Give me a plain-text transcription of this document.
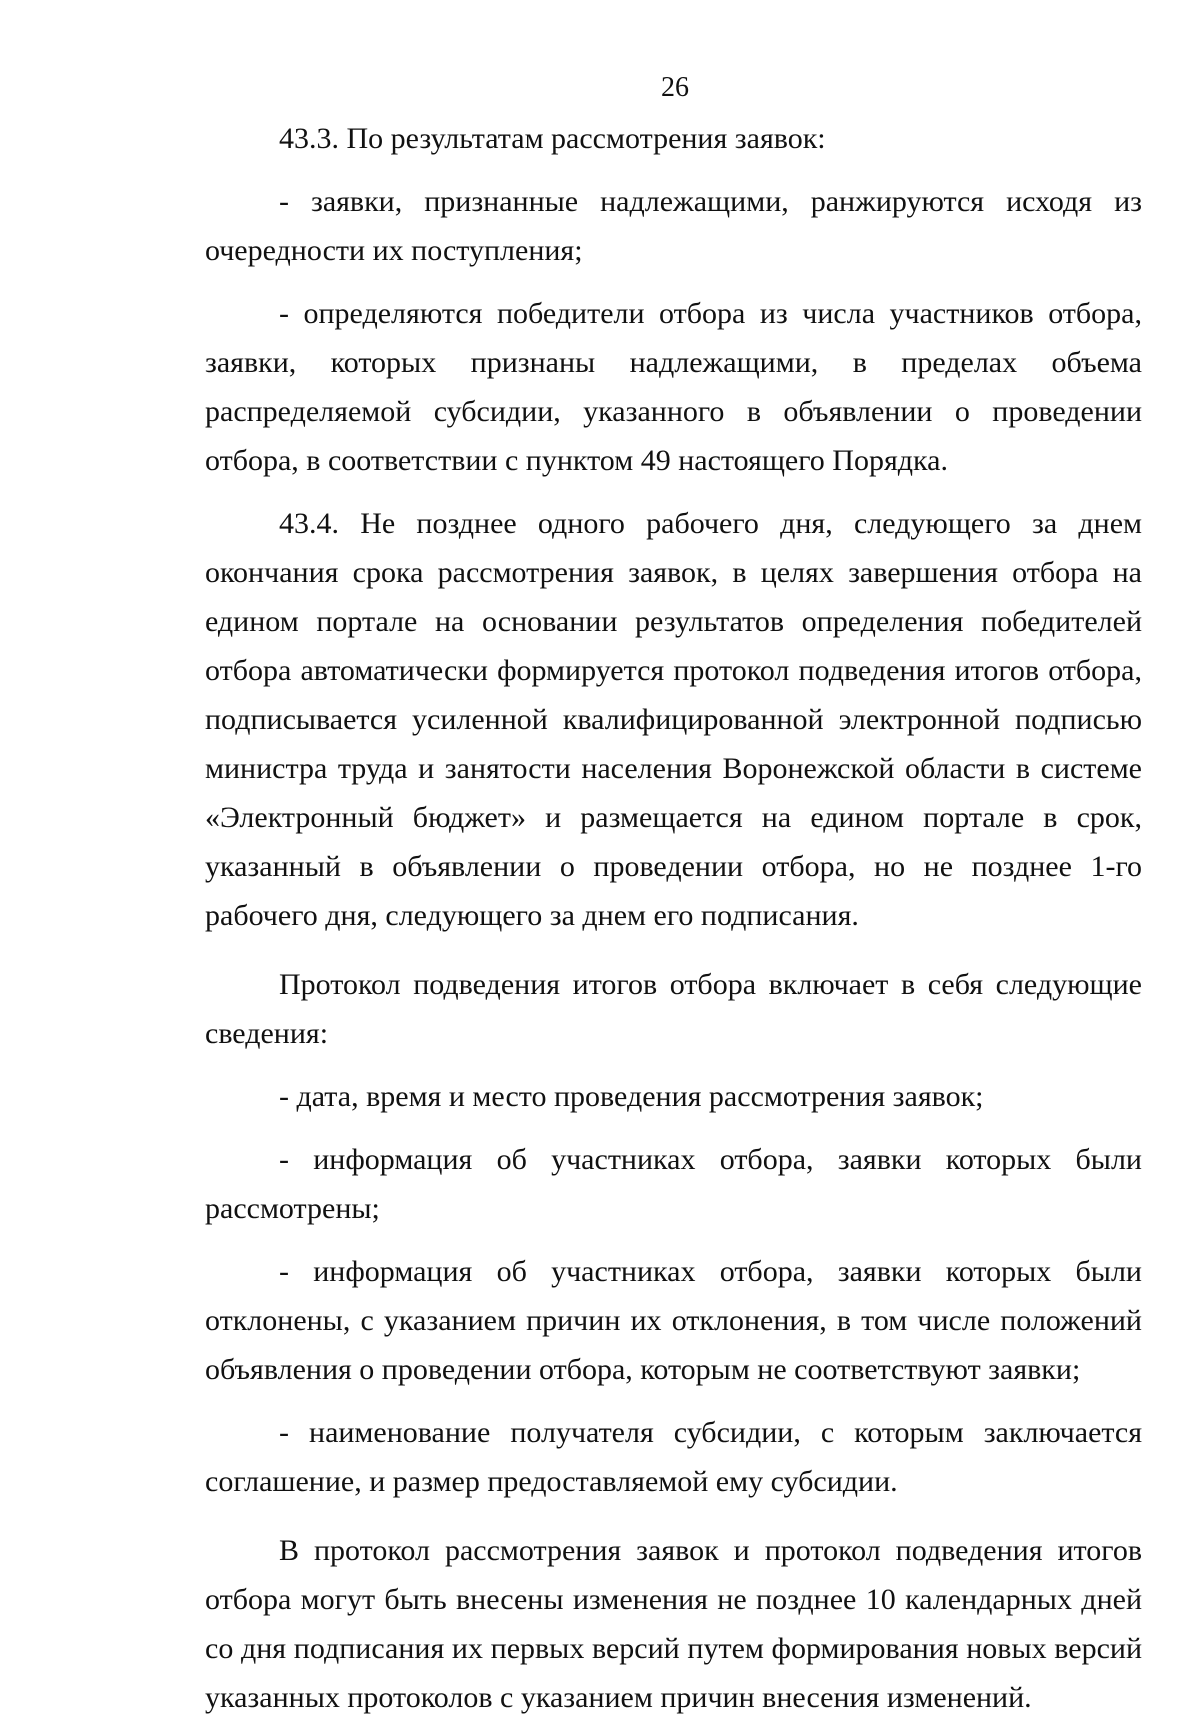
26

43.3. По результатам рассмотрения заявок:

- заявки, признанные надлежащими, ранжируются исходя из очередности их поступления;

- определяются победители отбора из числа участников отбора, заявки, которых признаны надлежащими, в пределах объема распределяемой субсидии, указанного в объявлении о проведении отбора, в соответствии с пунктом 49 настоящего Порядка.

43.4. Не позднее одного рабочего дня, следующего за днем окончания срока рассмотрения заявок, в целях завершения отбора на едином портале на основании результатов определения победителей отбора автоматически формируется протокол подведения итогов отбора, подписывается усиленной квалифицированной электронной подписью министра труда и занятости населения Воронежской области в системе «Электронный бюджет» и размещается на едином портале в срок, указанный в объявлении о проведении отбора, но не позднее 1-го рабочего дня, следующего за днем его подписания.

Протокол подведения итогов отбора включает в себя следующие сведения:

- дата, время и место проведения рассмотрения заявок;

- информация об участниках отбора, заявки которых были рассмотрены;

- информация об участниках отбора, заявки которых были отклонены, с указанием причин их отклонения, в том числе положений объявления о проведении отбора, которым не соответствуют заявки;

- наименование получателя субсидии, с которым заключается соглашение, и размер предоставляемой ему субсидии.

В протокол рассмотрения заявок и протокол подведения итогов отбора могут быть внесены изменения не позднее 10 календарных дней со дня подписания их первых версий путем формирования новых версий указанных протоколов с указанием причин внесения изменений.
